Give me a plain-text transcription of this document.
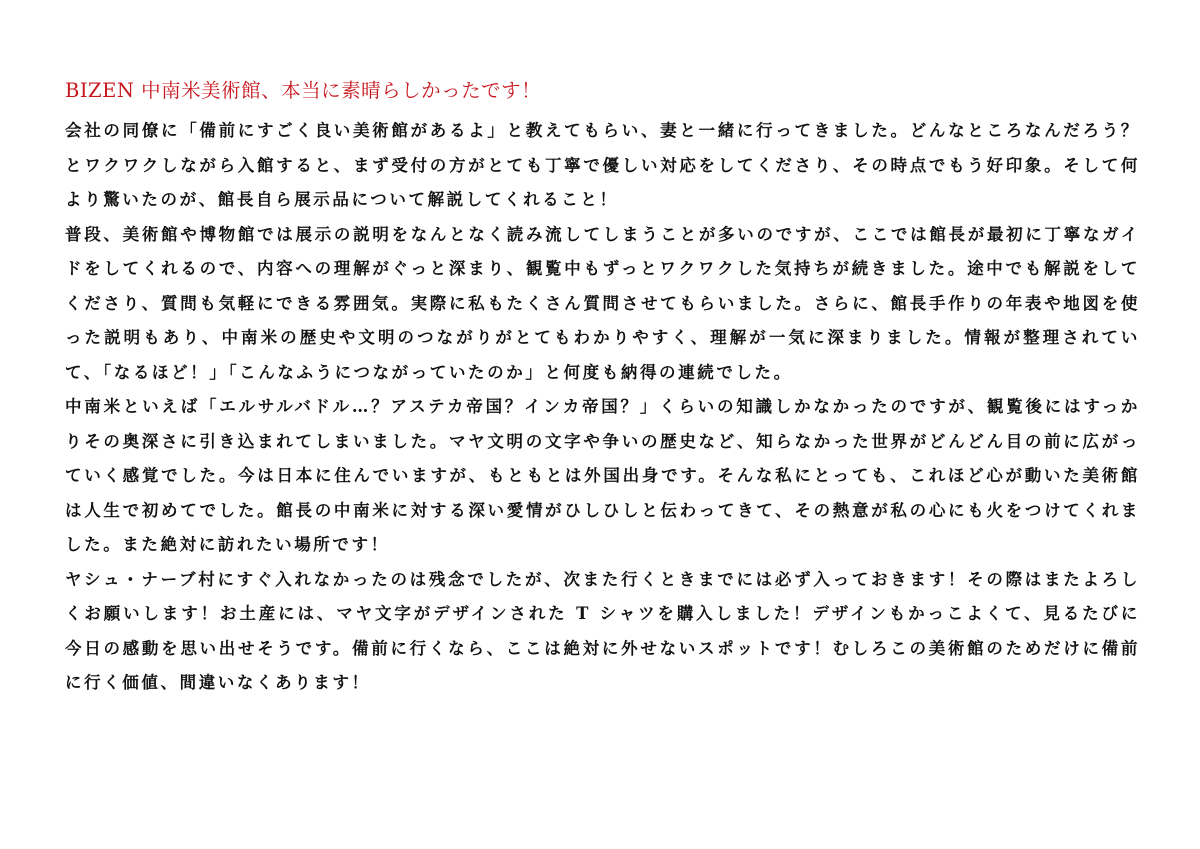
BIZEN 中南米美術館、本当に素晴らしかったです！

会社の同僚に「備前にすごく良い美術館があるよ」と教えてもらい、妻と一緒に行ってきました。どんなところなんだろう？とワクワクしながら入館すると、まず受付の方がとても丁寧で優しい対応をしてくださり、その時点でもう好印象。そして何より驚いたのが、館長自ら展示品について解説してくれること！

普段、美術館や博物館では展示の説明をなんとなく読み流してしまうことが多いのですが、ここでは館長が最初に丁寧なガイドをしてくれるので、内容への理解がぐっと深まり、観覧中もずっとワクワクした気持ちが続きました。途中でも解説をしてくださり、質問も気軽にできる雰囲気。実際に私もたくさん質問させてもらいました。さらに、館長手作りの年表や地図を使った説明もあり、中南米の歴史や文明のつながりがとてもわかりやすく、理解が一気に深まりました。情報が整理されていて、「なるほど！」「こんなふうにつながっていたのか」と何度も納得の連続でした。

中南米といえば「エルサルバドル…？アステカ帝国？インカ帝国？」くらいの知識しかなかったのですが、観覧後にはすっかりその奥深さに引き込まれてしまいました。マヤ文明の文字や争いの歴史など、知らなかった世界がどんどん目の前に広がっていく感覚でした。今は日本に住んでいますが、もともとは外国出身です。そんな私にとっても、これほど心が動いた美術館は人生で初めてでした。館長の中南米に対する深い愛情がひしひしと伝わってきて、その熱意が私の心にも火をつけてくれました。また絶対に訪れたい場所です！

ヤシュ・ナーブ村にすぐ入れなかったのは残念でしたが、次また行くときまでには必ず入っておきます！その際はまたよろしくお願いします！お土産には、マヤ文字がデザインされた T シャツを購入しました！デザインもかっこよくて、見るたびに今日の感動を思い出せそうです。備前に行くなら、ここは絶対に外せないスポットです！むしろこの美術館のためだけに備前に行く価値、間違いなくあります！
